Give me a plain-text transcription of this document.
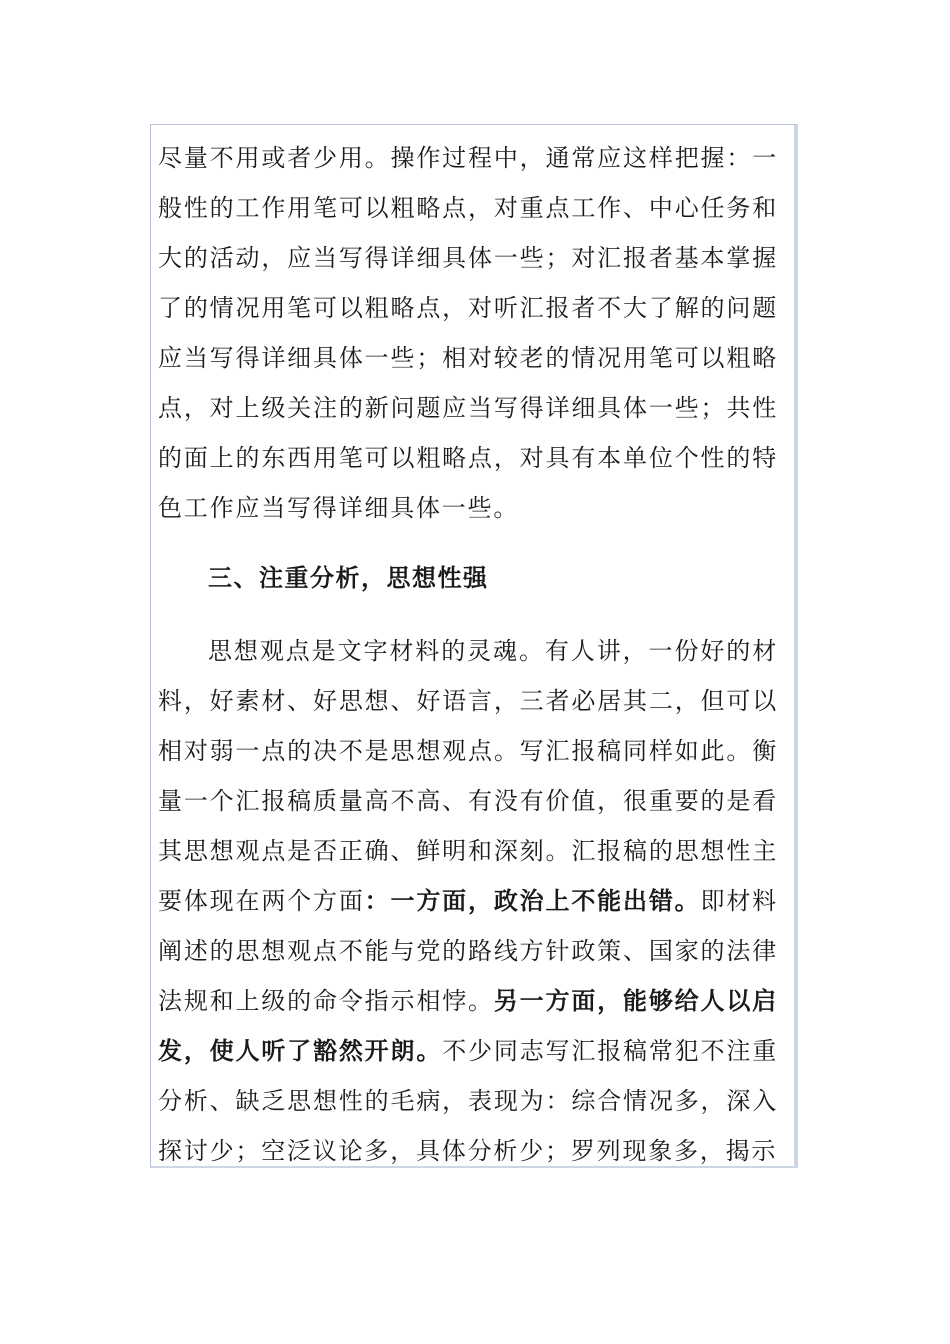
尽量不用或者少用。操作过程中，通常应这样把握：一般性的工作用笔可以粗略点，对重点工作、中心任务和大的活动，应当写得详细具体一些；对汇报者基本掌握了的情况用笔可以粗略点，对听汇报者不大了解的问题应当写得详细具体一些；相对较老的情况用笔可以粗略点，对上级关注的新问题应当写得详细具体一些；共性的面上的东西用笔可以粗略点，对具有本单位个性的特色工作应当写得详细具体一些。

三、注重分析，思想性强

思想观点是文字材料的灵魂。有人讲，一份好的材料，好素材、好思想、好语言，三者必居其二，但可以相对弱一点的决不是思想观点。写汇报稿同样如此。衡量一个汇报稿质量高不高、有没有价值，很重要的是看其思想观点是否正确、鲜明和深刻。汇报稿的思想性主要体现在两个方面：一方面，政治上不能出错。即材料阐述的思想观点不能与党的路线方针政策、国家的法律法规和上级的命令指示相悖。另一方面，能够给人以启发，使人听了豁然开朗。不少同志写汇报稿常犯不注重分析、缺乏思想性的毛病，表现为：综合情况多，深入探讨少；空泛议论多，具体分析少；罗列现象多，揭示
